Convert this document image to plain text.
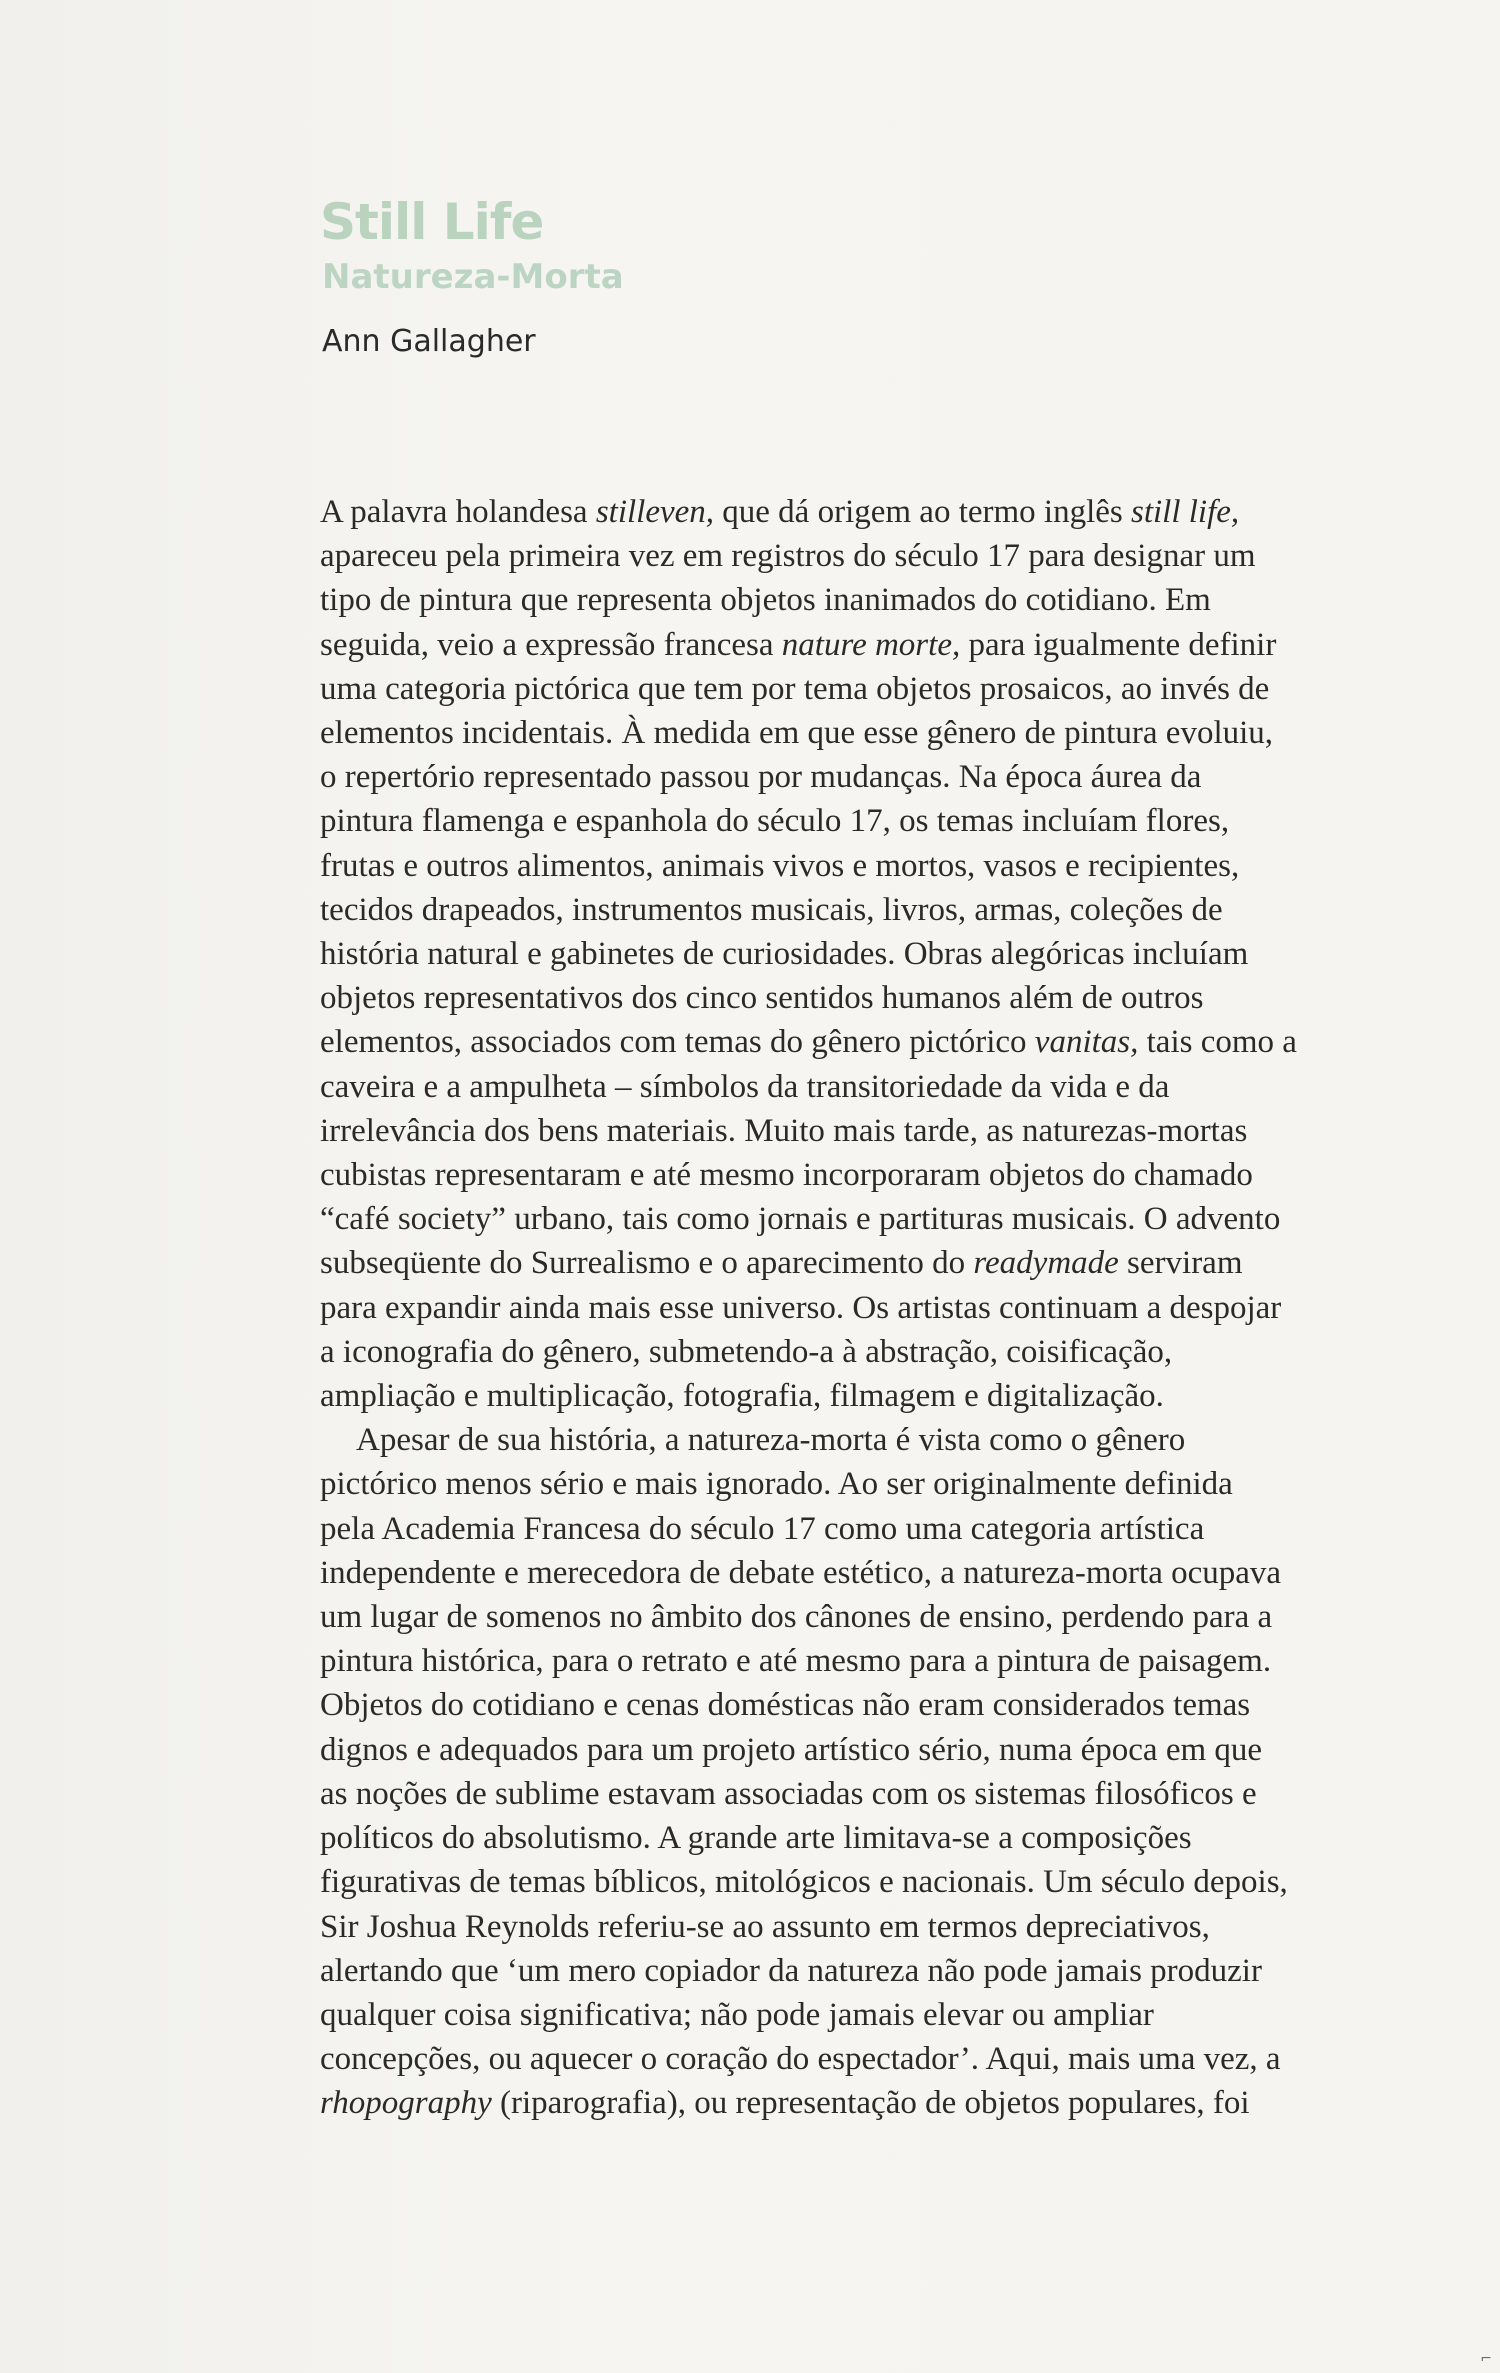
Still Life
Natureza-Morta

Ann Gallagher

A palavra holandesa stilleven, que dá origem ao termo inglês still life,
apareceu pela primeira vez em registros do século 17 para designar um
tipo de pintura que representa objetos inanimados do cotidiano. Em
seguida, veio a expressão francesa nature morte, para igualmente definir
uma categoria pictórica que tem por tema objetos prosaicos, ao invés de
elementos incidentais. À medida em que esse gênero de pintura evoluiu,
o repertório representado passou por mudanças. Na época áurea da
pintura flamenga e espanhola do século 17, os temas incluíam flores,
frutas e outros alimentos, animais vivos e mortos, vasos e recipientes,
tecidos drapeados, instrumentos musicais, livros, armas, coleções de
história natural e gabinetes de curiosidades. Obras alegóricas incluíam
objetos representativos dos cinco sentidos humanos além de outros
elementos, associados com temas do gênero pictórico vanitas, tais como a
caveira e a ampulheta – símbolos da transitoriedade da vida e da
irrelevância dos bens materiais. Muito mais tarde, as naturezas-mortas
cubistas representaram e até mesmo incorporaram objetos do chamado
“café society” urbano, tais como jornais e partituras musicais. O advento
subseqüente do Surrealismo e o aparecimento do readymade serviram
para expandir ainda mais esse universo. Os artistas continuam a despojar
a iconografia do gênero, submetendo-a à abstração, coisificação,
ampliação e multiplicação, fotografia, filmagem e digitalização.

Apesar de sua história, a natureza-morta é vista como o gênero
pictórico menos sério e mais ignorado. Ao ser originalmente definida
pela Academia Francesa do século 17 como uma categoria artística
independente e merecedora de debate estético, a natureza-morta ocupava
um lugar de somenos no âmbito dos cânones de ensino, perdendo para a
pintura histórica, para o retrato e até mesmo para a pintura de paisagem.
Objetos do cotidiano e cenas domésticas não eram considerados temas
dignos e adequados para um projeto artístico sério, numa época em que
as noções de sublime estavam associadas com os sistemas filosóficos e
políticos do absolutismo. A grande arte limitava-se a composições
figurativas de temas bíblicos, mitológicos e nacionais. Um século depois,
Sir Joshua Reynolds referiu-se ao assunto em termos depreciativos,
alertando que ‘um mero copiador da natureza não pode jamais produzir
qualquer coisa significativa; não pode jamais elevar ou ampliar
concepções, ou aquecer o coração do espectador’. Aqui, mais uma vez, a
rhopography (riparografia), ou representação de objetos populares, foi

⌐
